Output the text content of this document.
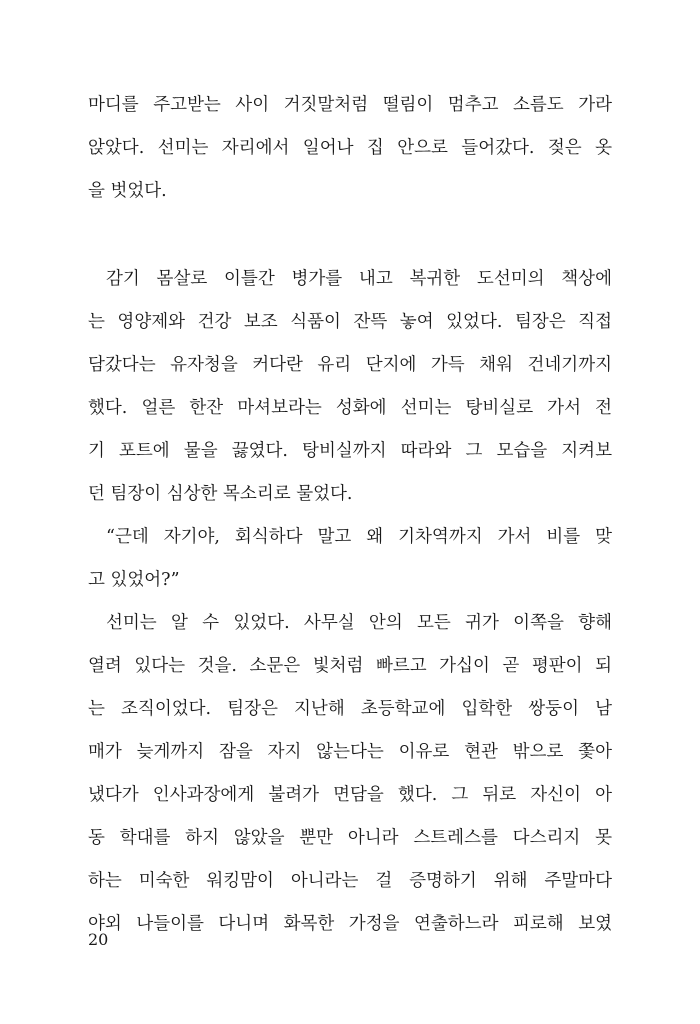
마디를 주고받는 사이 거짓말처럼 떨림이 멈추고 소름도 가라
앉았다. 선미는 자리에서 일어나 집 안으로 들어갔다. 젖은 옷
을 벗었다.
감기 몸살로 이틀간 병가를 내고 복귀한 도선미의 책상에
는 영양제와 건강 보조 식품이 잔뜩 놓여 있었다. 팀장은 직접
담갔다는 유자청을 커다란 유리 단지에 가득 채워 건네기까지
했다. 얼른 한잔 마셔보라는 성화에 선미는 탕비실로 가서 전
기 포트에 물을 끓였다. 탕비실까지 따라와 그 모습을 지켜보
던 팀장이 심상한 목소리로 물었다.
“근데 자기야, 회식하다 말고 왜 기차역까지 가서 비를 맞
고 있었어?”
선미는 알 수 있었다. 사무실 안의 모든 귀가 이쪽을 향해
열려 있다는 것을. 소문은 빛처럼 빠르고 가십이 곧 평판이 되
는 조직이었다. 팀장은 지난해 초등학교에 입학한 쌍둥이 남
매가 늦게까지 잠을 자지 않는다는 이유로 현관 밖으로 쫓아
냈다가 인사과장에게 불려가 면담을 했다. 그 뒤로 자신이 아
동 학대를 하지 않았을 뿐만 아니라 스트레스를 다스리지 못
하는 미숙한 워킹맘이 아니라는 걸 증명하기 위해 주말마다
야외 나들이를 다니며 화목한 가정을 연출하느라 피로해 보였
20
